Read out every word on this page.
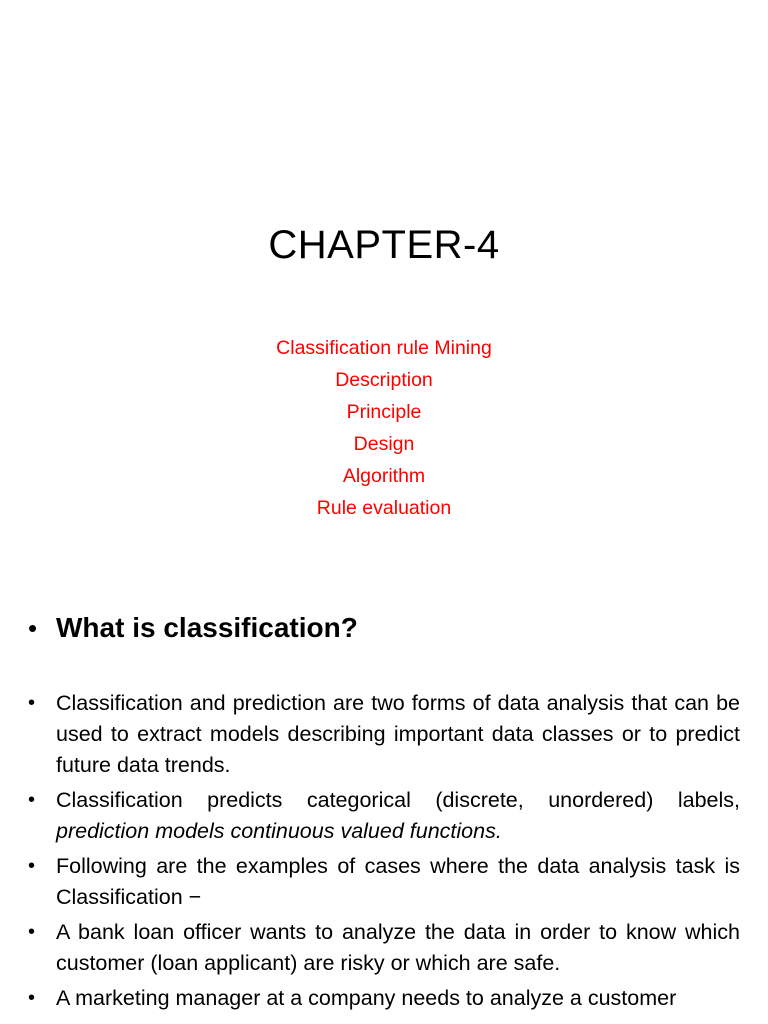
CHAPTER-4
Classification rule Mining
Description
Principle
Design
Algorithm
Rule evaluation
• What is classification?
• Classification and prediction are two forms of data analysis that can be used to extract models describing important data classes or to predict future data trends.
• Classification predicts categorical (discrete, unordered) labels, prediction models continuous valued functions.
• Following are the examples of cases where the data analysis task is Classification −
• A bank loan officer wants to analyze the data in order to know which customer (loan applicant) are risky or which are safe.
• A marketing manager at a company needs to analyze a customer
